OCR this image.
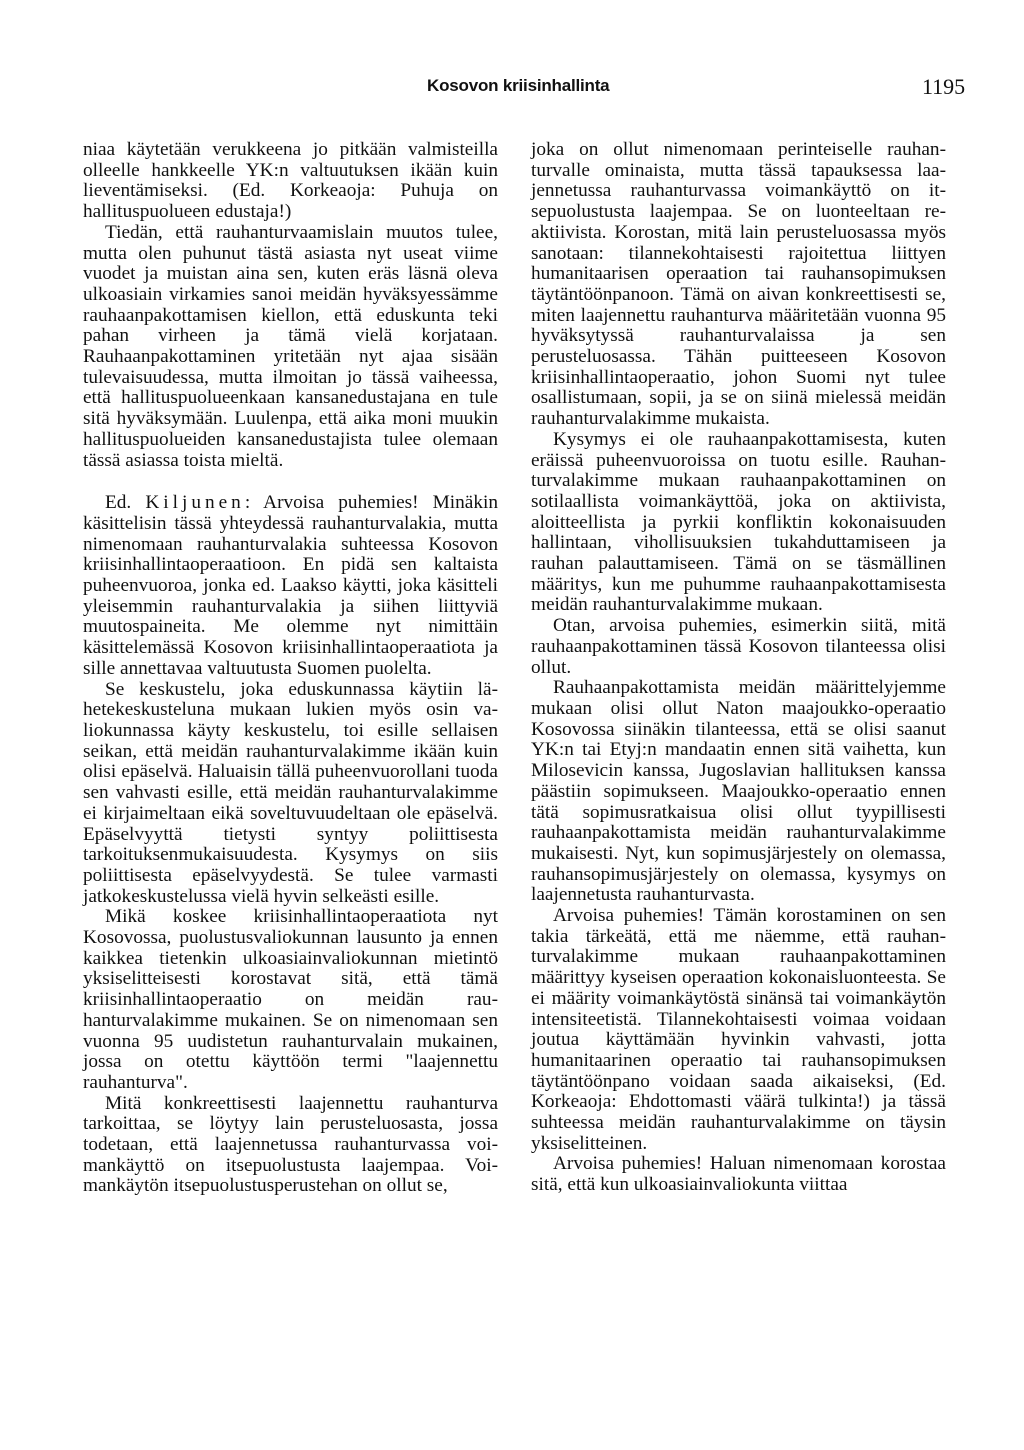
Kosovon kriisinhallinta	1195

niaa käytetään verukkeena jo pitkään valmisteilla olleelle hankkeelle YK:n valtuutuksen ikään kuin lieventämiseksi. (Ed. Korkeaoja: Puhuja on hallituspuolueen edustaja!)

Tiedän, että rauhanturvaamislain muutos tulee, mutta olen puhunut tästä asiasta nyt useat viime vuodet ja muistan aina sen, kuten eräs läsnä oleva ulkoasiain virkamies sanoi meidän hyväksyessämme rauhaanpakottamisen kiellon, että eduskunta teki pahan virheen ja tämä vielä korjataan. Rauhaanpakottaminen yritetään nyt ajaa sisään tulevaisuudessa, mutta ilmoitan jo tässä vaiheessa, että hallituspuolueenkaan kansanedustajana en tule sitä hyväksymään. Luulenpa, että aika moni muukin hallituspuolueiden kansanedustajista tulee olemaan tässä asiassa toista mieltä.

Ed. Kiljunen: Arvoisa puhemies! Minäkin käsittelisin tässä yhteydessä rauhanturvalakia, mutta nimenomaan rauhanturvalakia suhteessa Kosovon kriisinhallintaoperaatioon. En pidä sen kaltaista puheenvuoroa, jonka ed. Laakso käytti, joka käsitteli yleisemmin rauhanturvalakia ja siihen liittyviä muutospaineita. Me olemme nyt nimittäin käsittelemässä Kosovon kriisinhallintaoperaatiota ja sille annettavaa valtuutusta Suomen puolelta.

Se keskustelu, joka eduskunnassa käytiin lähetekeskusteluna mukaan lukien myös osin valiokunnassa käyty keskustelu, toi esille sellaisen seikan, että meidän rauhanturvalakimme ikään kuin olisi epäselvä. Haluaisin tällä puheenvuorollani tuoda sen vahvasti esille, että meidän rauhanturvalakimme ei kirjaimeltaan eikä soveltuvuudeltaan ole epäselvä. Epäselvyyttä tietysti syntyy poliittisesta tarkoituksenmukaisuudesta. Kysymys on siis poliittisesta epäselvyydestä. Se tulee varmasti jatkokeskustelussa vielä hyvin selkeästi esille.

Mikä koskee kriisinhallintaoperaatiota nyt Kosovossa, puolustusvaliokunnan lausunto ja ennen kaikkea tietenkin ulkoasiainvaliokunnan mietintö yksiselitteisesti korostavat sitä, että tämä kriisinhallintaoperaatio on meidän rauhanturvalakimme mukainen. Se on nimenomaan sen vuonna 95 uudistetun rauhanturvalain mukainen, jossa on otettu käyttöön termi "laajennettu rauhanturva".

Mitä konkreettisesti laajennettu rauhanturva tarkoittaa, se löytyy lain perusteluosasta, jossa todetaan, että laajennetussa rauhanturvassa voimankäyttö on itsepuolustusta laajempaa. Voimankäytön itsepuolustusperustehan on ollut se,

joka on ollut nimenomaan perinteiselle rauhanturvalle ominaista, mutta tässä tapauksessa laajennetussa rauhanturvassa voimankäyttö on itsepuolustusta laajempaa. Se on luonteeltaan reaktiivista. Korostan, mitä lain perusteluosassa myös sanotaan: tilannekohtaisesti rajoitettua liittyen humanitaarisen operaation tai rauhansopimuksen täytäntöönpanoon. Tämä on aivan konkreettisesti se, miten laajennettu rauhanturva määritetään vuonna 95 hyväksytyssä rauhanturvalaissa ja sen perusteluosassa. Tähän puitteeseen Kosovon kriisinhallintaoperaatio, johon Suomi nyt tulee osallistumaan, sopii, ja se on siinä mielessä meidän rauhanturvalakimme mukaista.

Kysymys ei ole rauhaanpakottamisesta, kuten eräissä puheenvuoroissa on tuotu esille. Rauhanturvalakimme mukaan rauhaanpakottaminen on sotilaallista voimankäyttöä, joka on aktiivista, aloitteellista ja pyrkii konfliktin kokonaisuuden hallintaan, vihollisuuksien tukahduttamiseen ja rauhan palauttamiseen. Tämä on se täsmällinen määritys, kun me puhumme rauhaanpakottamisesta meidän rauhanturvalakimme mukaan.

Otan, arvoisa puhemies, esimerkin siitä, mitä rauhaanpakottaminen tässä Kosovon tilanteessa olisi ollut.

Rauhaanpakottamista meidän määrittelyjemme mukaan olisi ollut Naton maajoukko-operaatio Kosovossa siinäkin tilanteessa, että se olisi saanut YK:n tai Etyj:n mandaatin ennen sitä vaihetta, kun Milosevicin kanssa, Jugoslavian hallituksen kanssa päästiin sopimukseen. Maajoukko-operaatio ennen tätä sopimusratkaisua olisi ollut tyypillisesti rauhaanpakottamista meidän rauhanturvalakimme mukaisesti. Nyt, kun sopimusjärjestely on olemassa, rauhansopimusjärjestely on olemassa, kysymys on laajennetusta rauhanturvasta.

Arvoisa puhemies! Tämän korostaminen on sen takia tärkeätä, että me näemme, että rauhanturvalakimme mukaan rauhaanpakottaminen määrittyy kyseisen operaation kokonaisluonteesta. Se ei määrity voimankäytöstä sinänsä tai voimankäytön intensiteetistä. Tilannekohtaisesti voimaa voidaan joutua käyttämään hyvinkin vahvasti, jotta humanitaarinen operaatio tai rauhansopimuksen täytäntöönpano voidaan saada aikaiseksi, (Ed. Korkeaoja: Ehdottomasti väärä tulkinta!) ja tässä suhteessa meidän rauhanturvalakimme on täysin yksiselitteinen.

Arvoisa puhemies! Haluan nimenomaan korostaa sitä, että kun ulkoasiainvaliokunta viittaa
